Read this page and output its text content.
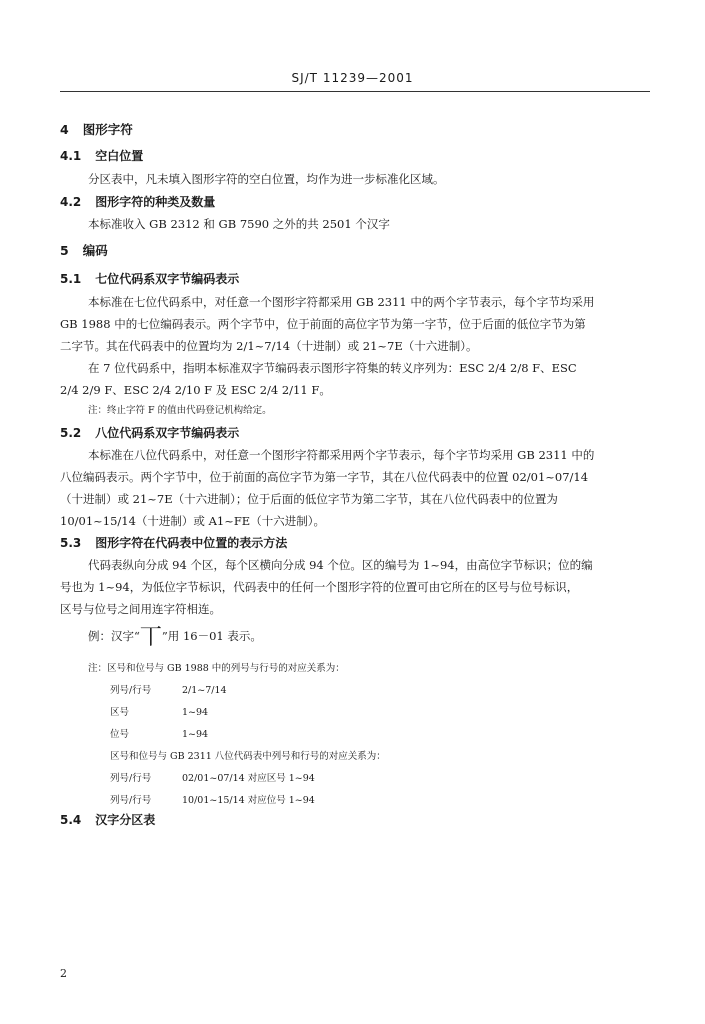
SJ/T 11239—2001
4 图形字符
4.1 空白位置
分区表中，凡未填入图形字符的空白位置，均作为进一步标准化区域。
4.2 图形字符的种类及数量
本标准收入 GB 2312 和 GB 7590 之外的共 2501 个汉字
5 编码
5.1 七位代码系双字节编码表示
本标准在七位代码系中，对任意一个图形字符都采用 GB 2311 中的两个字节表示，每个字节均采用
GB 1988 中的七位编码表示。两个字节中，位于前面的高位字节为第一字节，位于后面的低位字节为第
二字节。其在代码表中的位置均为 2/1~7/14（十进制）或 21~7E（十六进制）。
在 7 位代码系中，指明本标准双字节编码表示图形字符集的转义序列为：ESC 2/4 2/8 F、ESC
2/4 2/9 F、ESC 2/4 2/10 F 及 ESC 2/4 2/11 F。
注：终止字符 F 的值由代码登记机构给定。
5.2 八位代码系双字节编码表示
本标准在八位代码系中，对任意一个图形字符都采用两个字节表示，每个字节均采用 GB 2311 中的
八位编码表示。两个字节中，位于前面的高位字节为第一字节，其在八位代码表中的位置 02/01~07/14
（十进制）或 21~7E（十六进制）；位于后面的低位字节为第二字节，其在八位代码表中的位置为
10/01~15/14（十进制）或 A1~FE（十六进制）。
5.3 图形字符在代码表中位置的表示方法
代码表纵向分成 94 个区，每个区横向分成 94 个位。区的编号为 1~94，由高位字节标识；位的编
号也为 1~94，为低位字节标识，代码表中的任何一个图形字符的位置可由它所在的区号与位号标识，
区号与位号之间用连字符相连。
例：汉字“丅”用 16－01 表示。
注：区号和位号与 GB 1988 中的列号与行号的对应关系为：
列号/行号	2/1~7/14
区号	1~94
位号	1~94
区号和位号与 GB 2311 八位代码表中列号和行号的对应关系为：
列号/行号	02/01~07/14 对应区号 1~94
列号/行号	10/01~15/14 对应位号 1~94
5.4 汉字分区表
2
